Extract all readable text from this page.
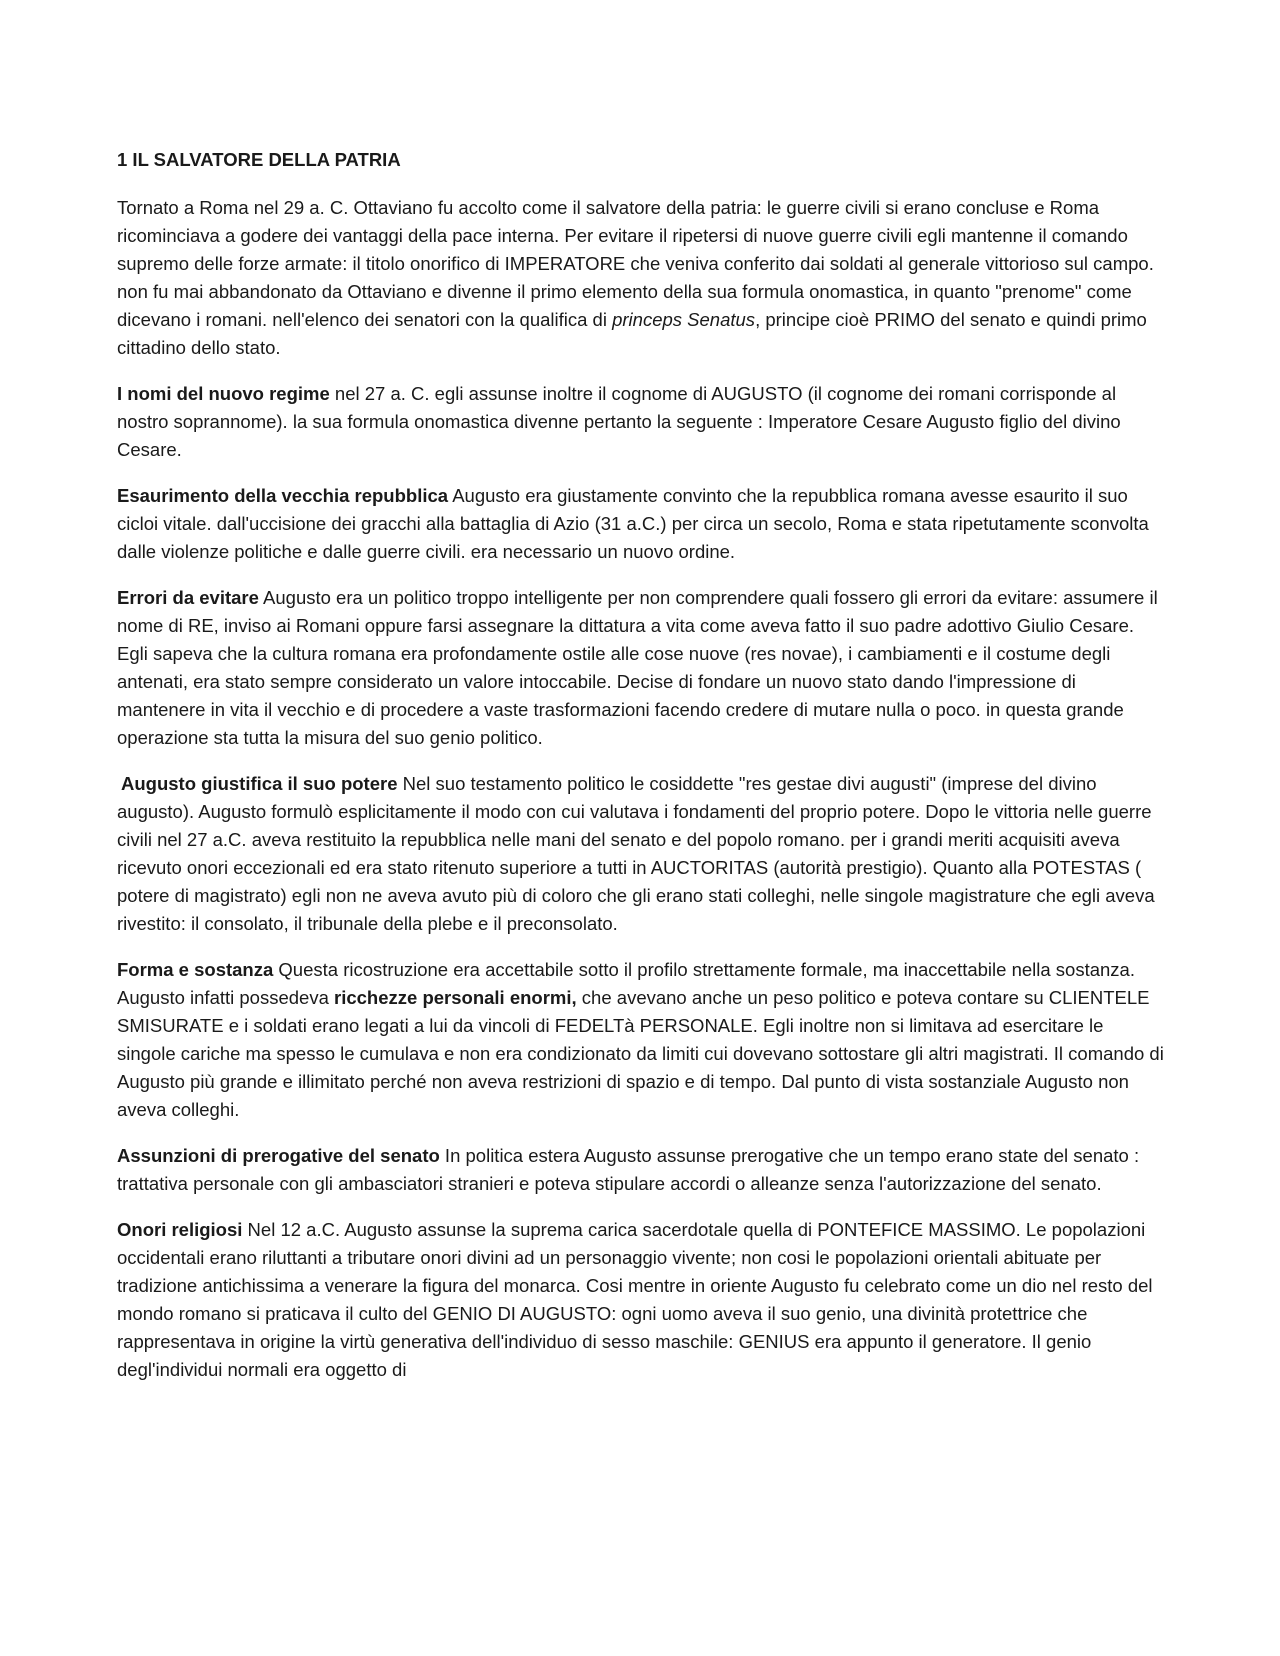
1 IL SALVATORE DELLA PATRIA

Tornato a Roma nel 29 a. C. Ottaviano fu accolto come il salvatore della patria: le guerre civili si erano concluse e Roma ricominciava a godere dei vantaggi della pace interna. Per evitare il ripetersi di nuove guerre civili egli mantenne il comando supremo delle forze armate: il titolo onorifico di IMPERATORE che veniva conferito dai soldati al generale vittorioso sul campo. non fu mai abbandonato da Ottaviano e divenne il primo elemento della sua formula onomastica, in quanto "prenome" come dicevano i romani. nell'elenco dei senatori con la qualifica di princeps Senatus, principe cioè PRIMO del senato e quindi primo cittadino dello stato.

I nomi del nuovo regime nel 27 a. C. egli assunse inoltre il cognome di AUGUSTO (il cognome dei romani corrisponde al nostro soprannome). la sua formula onomastica divenne pertanto la seguente : Imperatore Cesare Augusto figlio del divino Cesare.

Esaurimento della vecchia repubblica Augusto era giustamente convinto che la repubblica romana avesse esaurito il suo cicloi vitale. dall'uccisione dei gracchi alla battaglia di Azio (31 a.C.) per circa un secolo, Roma e stata ripetutamente sconvolta dalle violenze politiche e dalle guerre civili. era necessario un nuovo ordine.

Errori da evitare Augusto era un politico troppo intelligente per non comprendere quali fossero gli errori da evitare: assumere il nome di RE, inviso ai Romani oppure farsi assegnare la dittatura a vita come aveva fatto il suo padre adottivo Giulio Cesare. Egli sapeva che la cultura romana era profondamente ostile alle cose nuove (res novae), i cambiamenti e il costume degli antenati, era stato sempre considerato un valore intoccabile. Decise di fondare un nuovo stato dando l'impressione di mantenere in vita il vecchio e di procedere a vaste trasformazioni facendo credere di mutare nulla o poco. in questa grande operazione sta tutta la misura del suo genio politico.

Augusto giustifica il suo potere Nel suo testamento politico le cosiddette "res gestae divi augusti" (imprese del divino augusto). Augusto formulò esplicitamente il modo con cui valutava i fondamenti del proprio potere. Dopo le vittoria nelle guerre civili nel 27 a.C. aveva restituito la repubblica nelle mani del senato e del popolo romano. per i grandi meriti acquisiti aveva ricevuto onori eccezionali ed era stato ritenuto superiore a tutti in AUCTORITAS (autorità prestigio). Quanto alla POTESTAS ( potere di magistrato) egli non ne aveva avuto più di coloro che gli erano stati colleghi, nelle singole magistrature che egli aveva rivestito: il consolato, il tribunale della plebe e il preconsolato.

Forma e sostanza Questa ricostruzione era accettabile sotto il profilo strettamente formale, ma inaccettabile nella sostanza. Augusto infatti possedeva ricchezze personali enormi, che avevano anche un peso politico e poteva contare su CLIENTELE SMISURATE e i soldati erano legati a lui da vincoli di FEDELTà PERSONALE. Egli inoltre non si limitava ad esercitare le singole cariche ma spesso le cumulava e non era condizionato da limiti cui dovevano sottostare gli altri magistrati. Il comando di Augusto più grande e illimitato perché non aveva restrizioni di spazio e di tempo. Dal punto di vista sostanziale Augusto non aveva colleghi.

Assunzioni di prerogative del senato In politica estera Augusto assunse prerogative che un tempo erano state del senato : trattativa personale con gli ambasciatori stranieri e poteva stipulare accordi o alleanze senza l'autorizzazione del senato.

Onori religiosi Nel 12 a.C. Augusto assunse la suprema carica sacerdotale quella di PONTEFICE MASSIMO. Le popolazioni occidentali erano riluttanti a tributare onori divini ad un personaggio vivente; non cosi le popolazioni orientali abituate per tradizione antichissima a venerare la figura del monarca. Cosi mentre in oriente Augusto fu celebrato come un dio nel resto del mondo romano si praticava il culto del GENIO DI AUGUSTO: ogni uomo aveva il suo genio, una divinità protettrice che rappresentava in origine la virtù generativa dell'individuo di sesso maschile: GENIUS era appunto il generatore. Il genio degl'individui normali era oggetto di
